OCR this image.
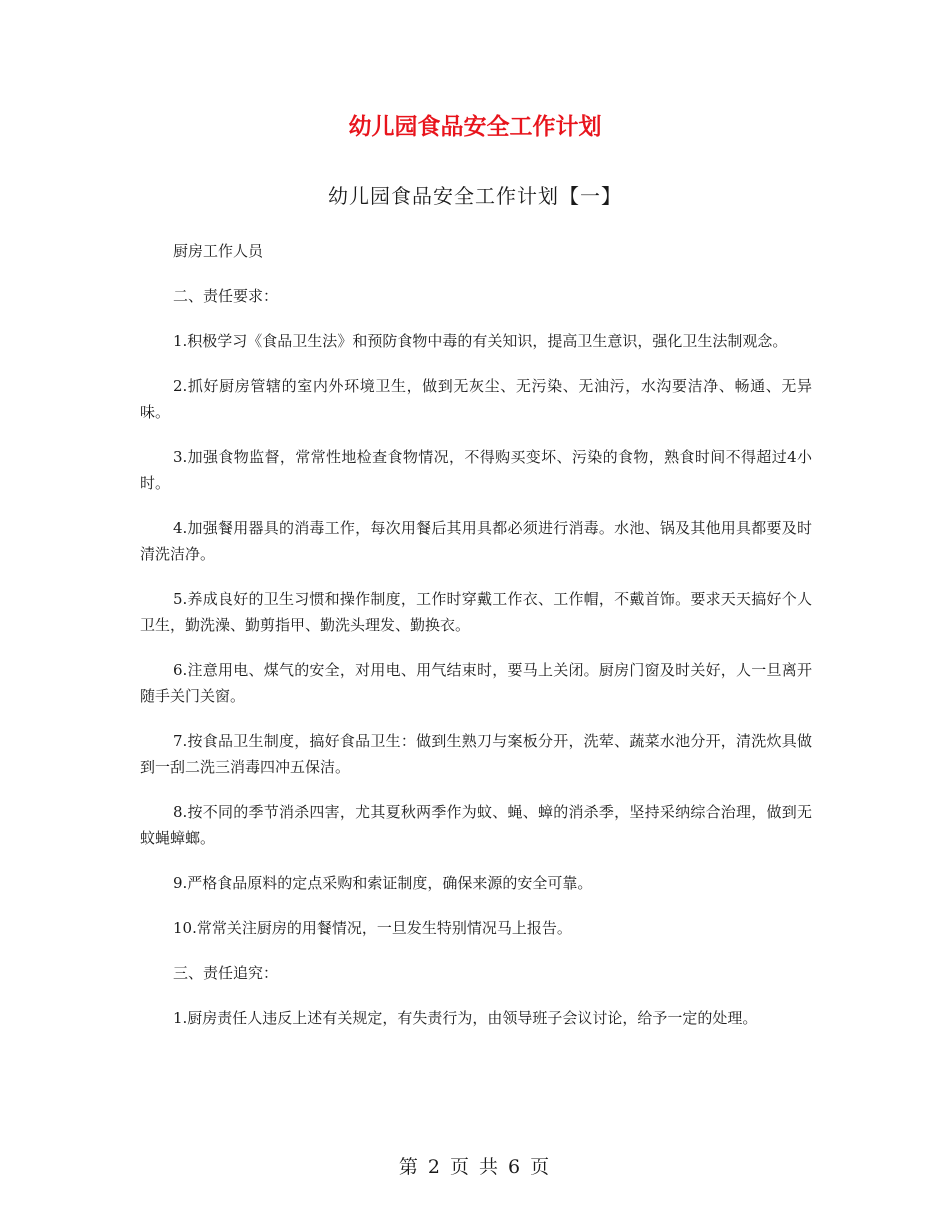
幼儿园食品安全工作计划
幼儿园食品安全工作计划【一】

厨房工作人员

二、责任要求：

1.积极学习《食品卫生法》和预防食物中毒的有关知识，提高卫生意识，强化卫生法制观念。

2.抓好厨房管辖的室内外环境卫生，做到无灰尘、无污染、无油污，水沟要洁净、畅通、无异味。

3.加强食物监督，常常性地检查食物情况，不得购买变坏、污染的食物，熟食时间不得超过4小时。

4.加强餐用器具的消毒工作，每次用餐后其用具都必须进行消毒。水池、锅及其他用具都要及时清洗洁净。

5.养成良好的卫生习惯和操作制度，工作时穿戴工作衣、工作帽，不戴首饰。要求天天搞好个人卫生，勤洗澡、勤剪指甲、勤洗头理发、勤换衣。

6.注意用电、煤气的安全，对用电、用气结束时，要马上关闭。厨房门窗及时关好，人一旦离开随手关门关窗。

7.按食品卫生制度，搞好食品卫生：做到生熟刀与案板分开，洗荤、蔬菜水池分开，清洗炊具做到一刮二洗三消毒四冲五保洁。

8.按不同的季节消杀四害，尤其夏秋两季作为蚊、蝇、蟑的消杀季，坚持采纳综合治理，做到无蚊蝇蟑螂。

9.严格食品原料的定点采购和索证制度，确保来源的安全可靠。

10.常常关注厨房的用餐情况，一旦发生特别情况马上报告。

三、责任追究：

1.厨房责任人违反上述有关规定，有失责行为，由领导班子会议讨论，给予一定的处理。

第 2 页 共 6 页
